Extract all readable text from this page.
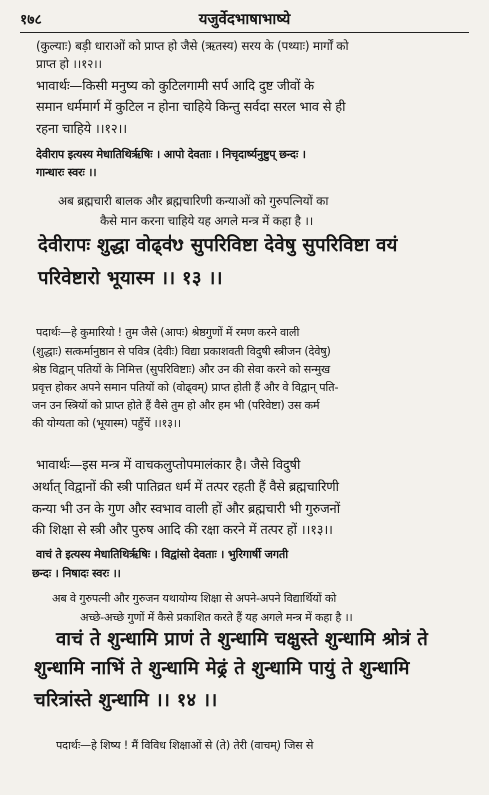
१७८	यजुर्वेदभाषाभाष्ये
(कुल्याः) बड़ी धाराओं को प्राप्त हो जैसे (ऋतस्य) सरय के (पथ्याः) मार्गों को
प्राप्त हो ।।१२।।
भावार्थः—किसी मनुष्य को कुटिलगामी सर्प आदि दुष्ट जीवों के
समान धर्ममार्ग में कुटिल न होना चाहिये किन्तु सर्वदा सरल भाव से ही
रहना चाहिये ।।१२।।
देवीराप इत्यस्य मेधातिथिर्ऋषिः । आपो देवताः । निचृदार्ष्यनुष्टुप् छन्दः ।
गान्धारः स्वरः ।।
अब ब्रह्मचारी बालक और ब्रह्मचारिणी कन्याओं को गुरुपत्नियों का
कैसे मान करना चाहिये यह अगले मन्त्र में कहा है ।।
देवीरापः शुद्धा वोढ्व॑ᳪ सुपरिविष्टा देवेषु सुपरिविष्टा वयं
परिवेष्टारो भूयास्म ।। १३ ।।
पदार्थः—हे कुमारियो ! तुम जैसे (आपः) श्रेष्ठगुणों में रमण करने वाली
(शुद्धाः) सत्कर्मानुष्ठान से पवित्र (देवीः) विद्या प्रकाशवती विदुषी स्त्रीजन (देवेषु)
श्रेष्ठ विद्वान् पतियों के निमित्त (सुपरिविष्टाः) और उन की सेवा करने को सन्मुख
प्रवृत्त होकर अपने समान पतियों को (वोढ्वम्) प्राप्त होती हैं और वे विद्वान् पति-
जन उन स्त्रियों को प्राप्त होते हैं वैसे तुम हो और हम भी (परिवेष्टा) उस कर्म
की योग्यता को (भूयास्म) पहुँचें ।।१३।।
भावार्थः—इस मन्त्र में वाचकलुप्तोपमालंकार है। जैसे विदुषी
अर्थात् विद्वानों की स्त्री पातिव्रत धर्म में तत्पर रहती हैं वैसे ब्रह्मचारिणी
कन्या भी उन के गुण और स्वभाव वाली हों और ब्रह्मचारी भी गुरुजनों
की शिक्षा से स्त्री और पुरुष आदि की रक्षा करने में तत्पर हों ।।१३।।
वाचं ते इत्यस्य मेधातिथिर्ऋषिः । विद्वांसो देवताः । भुरिगार्षी जगती
छन्दः । निषादः स्वरः ।।
अब वे गुरुपत्नी और गुरुजन यथायोग्य शिक्षा से अपने-अपने विद्यार्थियों को
अच्छे-अच्छे गुणों में कैसे प्रकाशित करते हैं यह अगले मन्त्र में कहा है ।।
वाचं ते शुन्धामि प्राणं ते शुन्धामि चक्षुस्ते शुन्धामि श्रोत्रं ते
शुन्धामि नाभिं ते शुन्धामि मेढ्रं ते शुन्धामि पायुं ते शुन्धामि
चरित्रांस्ते शुन्धामि ।। १४ ।।
पदार्थः—हे शिष्य ! मैं विविध शिक्षाओं से (ते) तेरी (वाचम्) जिस से
